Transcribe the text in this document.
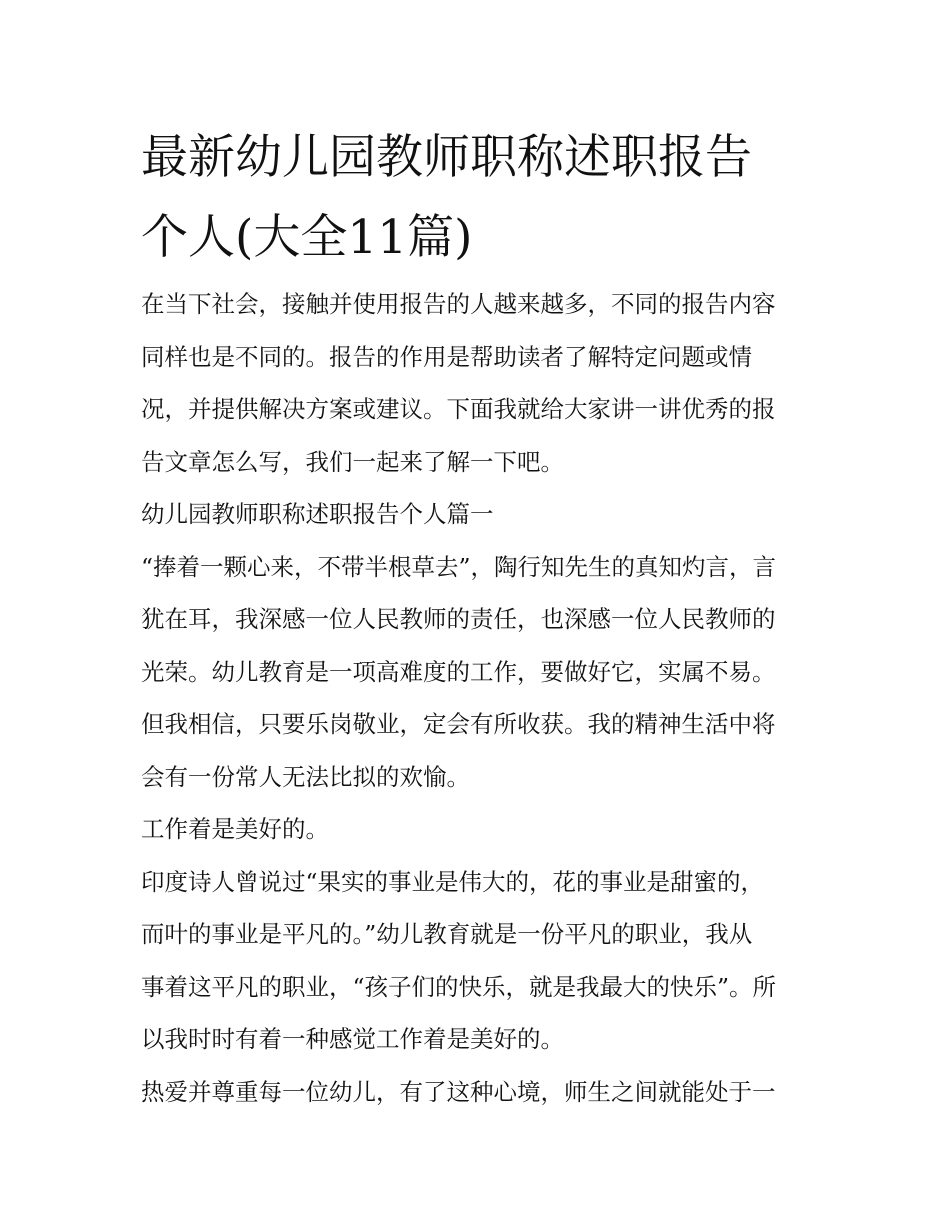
最新幼儿园教师职称述职报告
个人(大全11篇)

在当下社会，接触并使用报告的人越来越多，不同的报告内容
同样也是不同的。报告的作用是帮助读者了解特定问题或情
况，并提供解决方案或建议。下面我就给大家讲一讲优秀的报
告文章怎么写，我们一起来了解一下吧。

幼儿园教师职称述职报告个人篇一

“捧着一颗心来，不带半根草去”，陶行知先生的真知灼言，言
犹在耳，我深感一位人民教师的责任，也深感一位人民教师的
光荣。幼儿教育是一项高难度的工作，要做好它，实属不易。
但我相信，只要乐岗敬业，定会有所收获。我的精神生活中将
会有一份常人无法比拟的欢愉。

工作着是美好的。

印度诗人曾说过“果实的事业是伟大的，花的事业是甜蜜的，
而叶的事业是平凡的。”幼儿教育就是一份平凡的职业，我从
事着这平凡的职业，“孩子们的快乐，就是我最大的快乐”。所
以我时时有着一种感觉工作着是美好的。

热爱并尊重每一位幼儿，有了这种心境，师生之间就能处于一
